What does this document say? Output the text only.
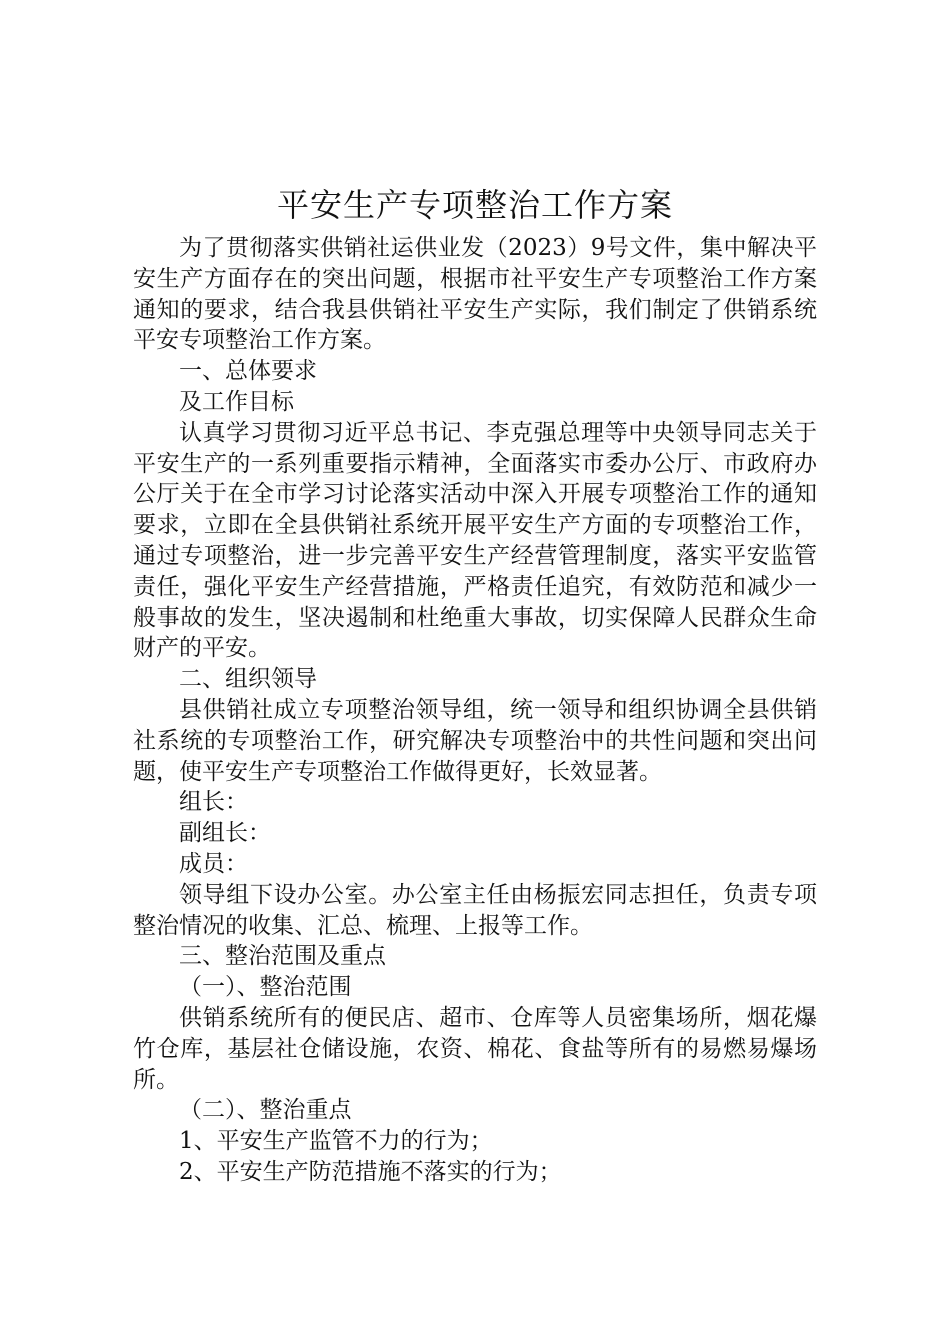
平安生产专项整治工作方案

为了贯彻落实供销社运供业发（2023）9号文件，集中解决平安生产方面存在的突出问题，根据市社平安生产专项整治工作方案通知的要求，结合我县供销社平安生产实际，我们制定了供销系统平安专项整治工作方案。

一、总体要求

及工作目标

认真学习贯彻习近平总书记、李克强总理等中央领导同志关于平安生产的一系列重要指示精神，全面落实市委办公厅、市政府办公厅关于在全市学习讨论落实活动中深入开展专项整治工作的通知要求，立即在全县供销社系统开展平安生产方面的专项整治工作，通过专项整治，进一步完善平安生产经营管理制度，落实平安监管责任，强化平安生产经营措施，严格责任追究，有效防范和减少一般事故的发生，坚决遏制和杜绝重大事故，切实保障人民群众生命财产的平安。

二、组织领导

县供销社成立专项整治领导组，统一领导和组织协调全县供销社系统的专项整治工作，研究解决专项整治中的共性问题和突出问题，使平安生产专项整治工作做得更好，长效显著。

组长：

副组长：

成员：

领导组下设办公室。办公室主任由杨振宏同志担任，负责专项整治情况的收集、汇总、梳理、上报等工作。

三、整治范围及重点

（一）、整治范围

供销系统所有的便民店、超市、仓库等人员密集场所，烟花爆竹仓库，基层社仓储设施，农资、棉花、食盐等所有的易燃易爆场所。

（二）、整治重点

1、平安生产监管不力的行为；

2、平安生产防范措施不落实的行为；
